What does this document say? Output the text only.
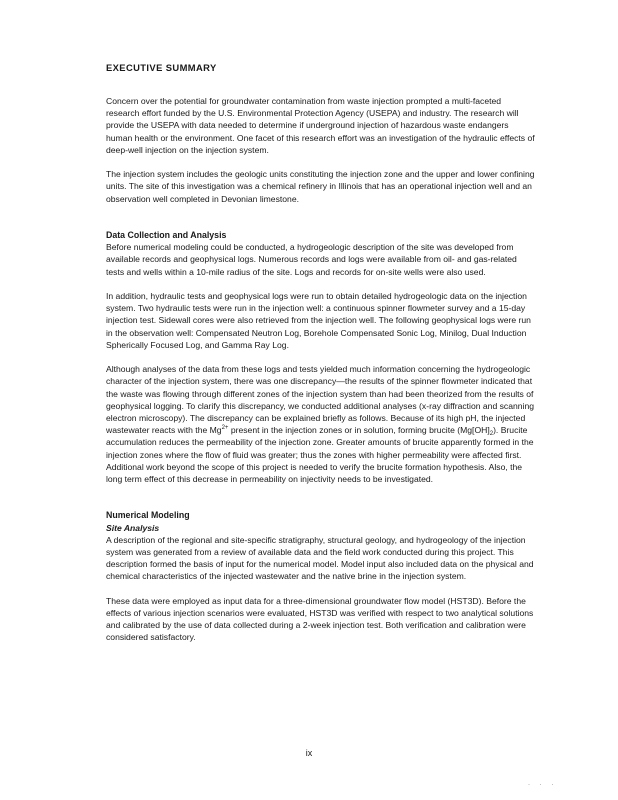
EXECUTIVE SUMMARY

Concern over the potential for groundwater contamination from waste injection prompted a multi-faceted research effort funded by the U.S. Environmental Protection Agency (USEPA) and industry. The research will provide the USEPA with data needed to determine if underground injection of hazardous waste endangers human health or the environment. One facet of this research effort was an investigation of the hydraulic effects of deep-well injection on the injection system.

The injection system includes the geologic units constituting the injection zone and the upper and lower confining units. The site of this investigation was a chemical refinery in Illinois that has an operational injection well and an observation well completed in Devonian limestone.

Data Collection and Analysis

Before numerical modeling could be conducted, a hydrogeologic description of the site was developed from available records and geophysical logs. Numerous records and logs were available from oil- and gas-related tests and wells within a 10-mile radius of the site. Logs and records for on-site wells were also used.

In addition, hydraulic tests and geophysical logs were run to obtain detailed hydrogeologic data on the injection system. Two hydraulic tests were run in the injection well: a continuous spinner flowmeter survey and a 15-day injection test. Sidewall cores were also retrieved from the injection well. The following geophysical logs were run in the observation well: Compensated Neutron Log, Borehole Compensated Sonic Log, Minilog, Dual Induction Spherically Focused Log, and Gamma Ray Log.

Although analyses of the data from these logs and tests yielded much information concerning the hydrogeologic character of the injection system, there was one discrepancy—the results of the spinner flowmeter indicated that the waste was flowing through different zones of the injection system than had been theorized from the results of geophysical logging. To clarify this discrepancy, we conducted additional analyses (x-ray diffraction and scanning electron microscopy). The discrepancy can be explained briefly as follows. Because of its high pH, the injected wastewater reacts with the $Mg^{2+}$ present in the injection zones or in solution, forming brucite $(Mg[OH]_2)$. Brucite accumulation reduces the permeability of the injection zone. Greater amounts of brucite apparently formed in the injection zones where the flow of fluid was greater; thus the zones with higher permeability were affected first. Additional work beyond the scope of this project is needed to verify the brucite formation hypothesis. Also, the long term effect of this decrease in permeability on injectivity needs to be investigated.

Numerical Modeling
Site Analysis

A description of the regional and site-specific stratigraphy, structural geology, and hydrogeology of the injection system was generated from a review of available data and the field work conducted during this project. This description formed the basis of input for the numerical model. Model input also included data on the physical and chemical characteristics of the injected wastewater and the native brine in the injection system.

These data were employed as input data for a three-dimensional groundwater flow model (HST3D). Before the effects of various injection scenarios were evaluated, HST3D was verified with respect to two analytical solutions and calibrated by the use of data collected during a 2-week injection test. Both verification and calibration were considered satisfactory.

ix
· · ·
